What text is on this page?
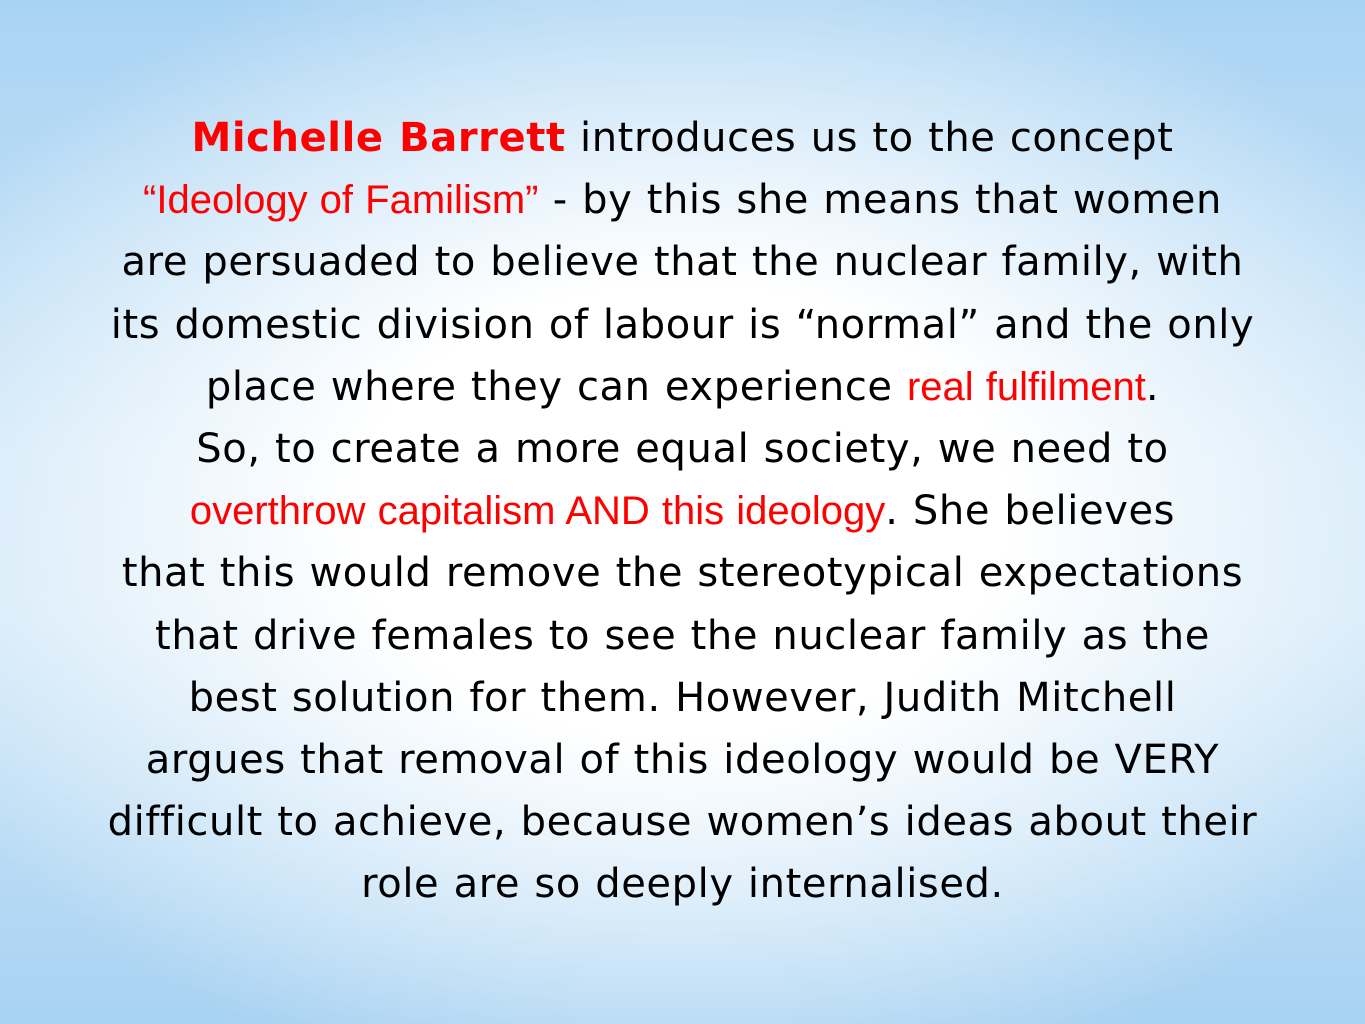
Michelle Barrett introduces us to the concept
“Ideology of Familism” - by this she means that women
are persuaded to believe that the nuclear family, with
its domestic division of labour is “normal” and the only
place where they can experience real fulfilment.
So, to create a more equal society, we need to
overthrow capitalism AND this ideology. She believes
that this would remove the stereotypical expectations
that drive females to see the nuclear family as the
best solution for them. However, Judith Mitchell
argues that removal of this ideology would be VERY
difficult to achieve, because women’s ideas about their
role are so deeply internalised.
